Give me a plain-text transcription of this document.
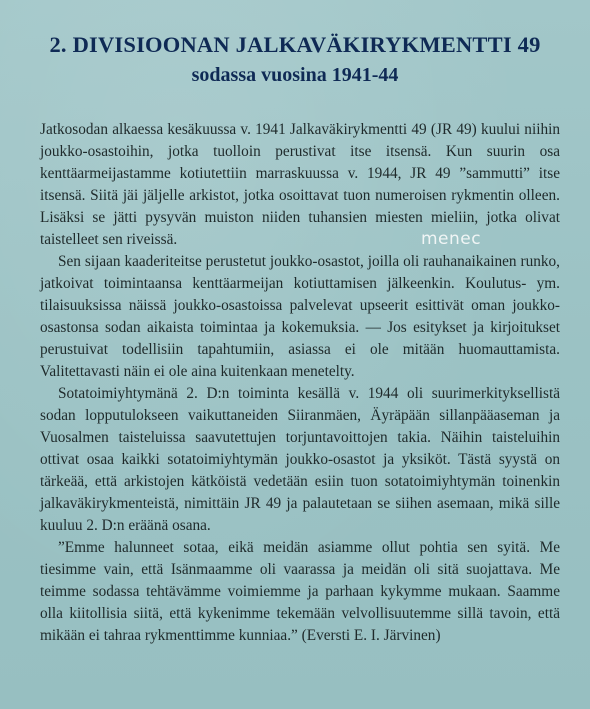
2. DIVISIOONAN JALKAVÄKIRYKMENTTI 49
sodassa vuosina 1941-44

Jatkosodan alkaessa kesäkuussa v. 1941 Jalkaväkirykmentti 49 (JR 49) kuului niihin joukko-osastoihin, jotka tuolloin perustivat itse itsensä. Kun suurin osa kenttäarmeijastamme kotiutettiin marraskuussa v. 1944, JR 49 ”sammutti” itse itsensä. Siitä jäi jäljelle arkistot, jotka osoittavat tuon numeroisen rykmentin olleen. Lisäksi se jätti pysyvän muiston niiden tuhansien miesten mieliin, jotka olivat taistelleet sen riveissä.

Sen sijaan kaaderiteitse perustetut joukko-osastot, joilla oli rauhanaikainen runko, jatkoivat toimintaansa kenttäarmeijan kotiuttamisen jälkeenkin. Koulutus- ym. tilaisuuksissa näissä joukko-osastoissa palvelevat upseerit esittivät oman joukko-osastonsa sodan aikaista toimintaa ja kokemuksia. — Jos esitykset ja kirjoitukset perustuivat todellisiin tapahtumiin, asiassa ei ole mitään huomauttamista. Valitettavasti näin ei ole aina kuitenkaan menetelty.

Sotatoimiyhtymänä 2. D:n toiminta kesällä v. 1944 oli suurimerkityksellistä sodan lopputulokseen vaikuttaneiden Siiranmäen, Äyräpään sillanpääaseman ja Vuosalmen taisteluissa saavutettujen torjuntavoittojen takia. Näihin taisteluihin ottivat osaa kaikki sotatoimiyhtymän joukko-osastot ja yksiköt. Tästä syystä on tärkeää, että arkistojen kätköistä vedetään esiin tuon sotatoimiyhtymän toinenkin jalkaväkirykmenteistä, nimittäin JR 49 ja palautetaan se siihen asemaan, mikä sille kuuluu 2. D:n eräänä osana.

”Emme halunneet sotaa, eikä meidän asiamme ollut pohtia sen syitä. Me tiesimme vain, että Isänmaamme oli vaarassa ja meidän oli sitä suojattava. Me teimme sodassa tehtävämme voimiemme ja parhaan kykymme mukaan. Saamme olla kiitollisia siitä, että kykenimme tekemään velvollisuutemme sillä tavoin, että mikään ei tahraa rykmenttimme kunniaa.” (Eversti E. I. Järvinen)

menec
